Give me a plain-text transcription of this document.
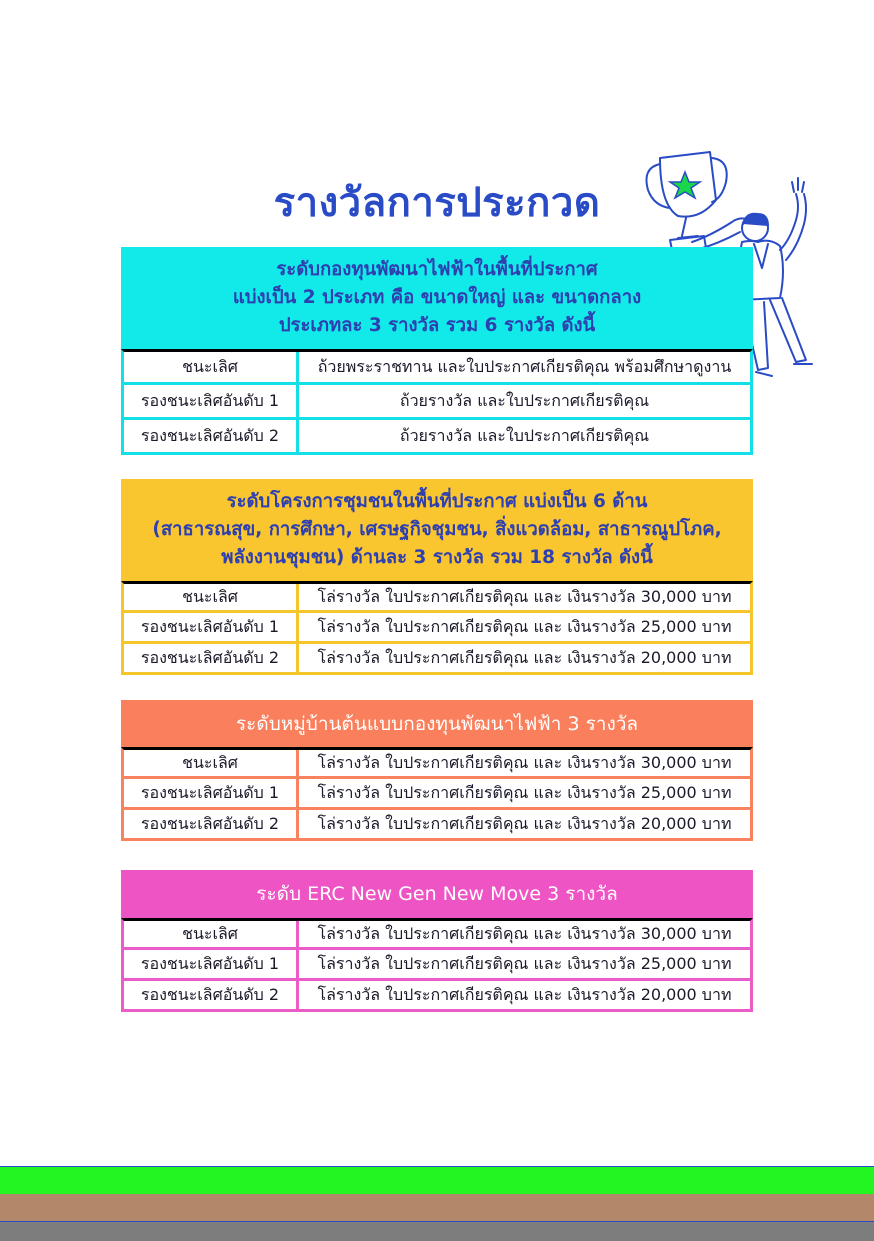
รางวัลการประกวด
ระดับกองทุนพัฒนาไฟฟ้าในพื้นที่ประกาศ
แบ่งเป็น 2 ประเภท คือ ขนาดใหญ่ และ ขนาดกลาง
ประเภทละ 3 รางวัล รวม 6 รางวัล ดังนี้
ชนะเลิศ	ถ้วยพระราชทาน และใบประกาศเกียรติคุณ พร้อมศึกษาดูงาน
รองชนะเลิศอันดับ 1	ถ้วยรางวัล และใบประกาศเกียรติคุณ
รองชนะเลิศอันดับ 2	ถ้วยรางวัล และใบประกาศเกียรติคุณ
ระดับโครงการชุมชนในพื้นที่ประกาศ แบ่งเป็น 6 ด้าน
(สาธารณสุข, การศึกษา, เศรษฐกิจชุมชน, สิ่งแวดล้อม, สาธารณูปโภค,
พลังงานชุมชน) ด้านละ 3 รางวัล รวม 18 รางวัล ดังนี้
ชนะเลิศ	โล่รางวัล ใบประกาศเกียรติคุณ และ เงินรางวัล 30,000 บาท
รองชนะเลิศอันดับ 1	โล่รางวัล ใบประกาศเกียรติคุณ และ เงินรางวัล 25,000 บาท
รองชนะเลิศอันดับ 2	โล่รางวัล ใบประกาศเกียรติคุณ และ เงินรางวัล 20,000 บาท
ระดับหมู่บ้านต้นแบบกองทุนพัฒนาไฟฟ้า 3 รางวัล
ชนะเลิศ	โล่รางวัล ใบประกาศเกียรติคุณ และ เงินรางวัล 30,000 บาท
รองชนะเลิศอันดับ 1	โล่รางวัล ใบประกาศเกียรติคุณ และ เงินรางวัล 25,000 บาท
รองชนะเลิศอันดับ 2	โล่รางวัล ใบประกาศเกียรติคุณ และ เงินรางวัล 20,000 บาท
ระดับ ERC New Gen New Move 3 รางวัล
ชนะเลิศ	โล่รางวัล ใบประกาศเกียรติคุณ และ เงินรางวัล 30,000 บาท
รองชนะเลิศอันดับ 1	โล่รางวัล ใบประกาศเกียรติคุณ และ เงินรางวัล 25,000 บาท
รองชนะเลิศอันดับ 2	โล่รางวัล ใบประกาศเกียรติคุณ และ เงินรางวัล 20,000 บาท
